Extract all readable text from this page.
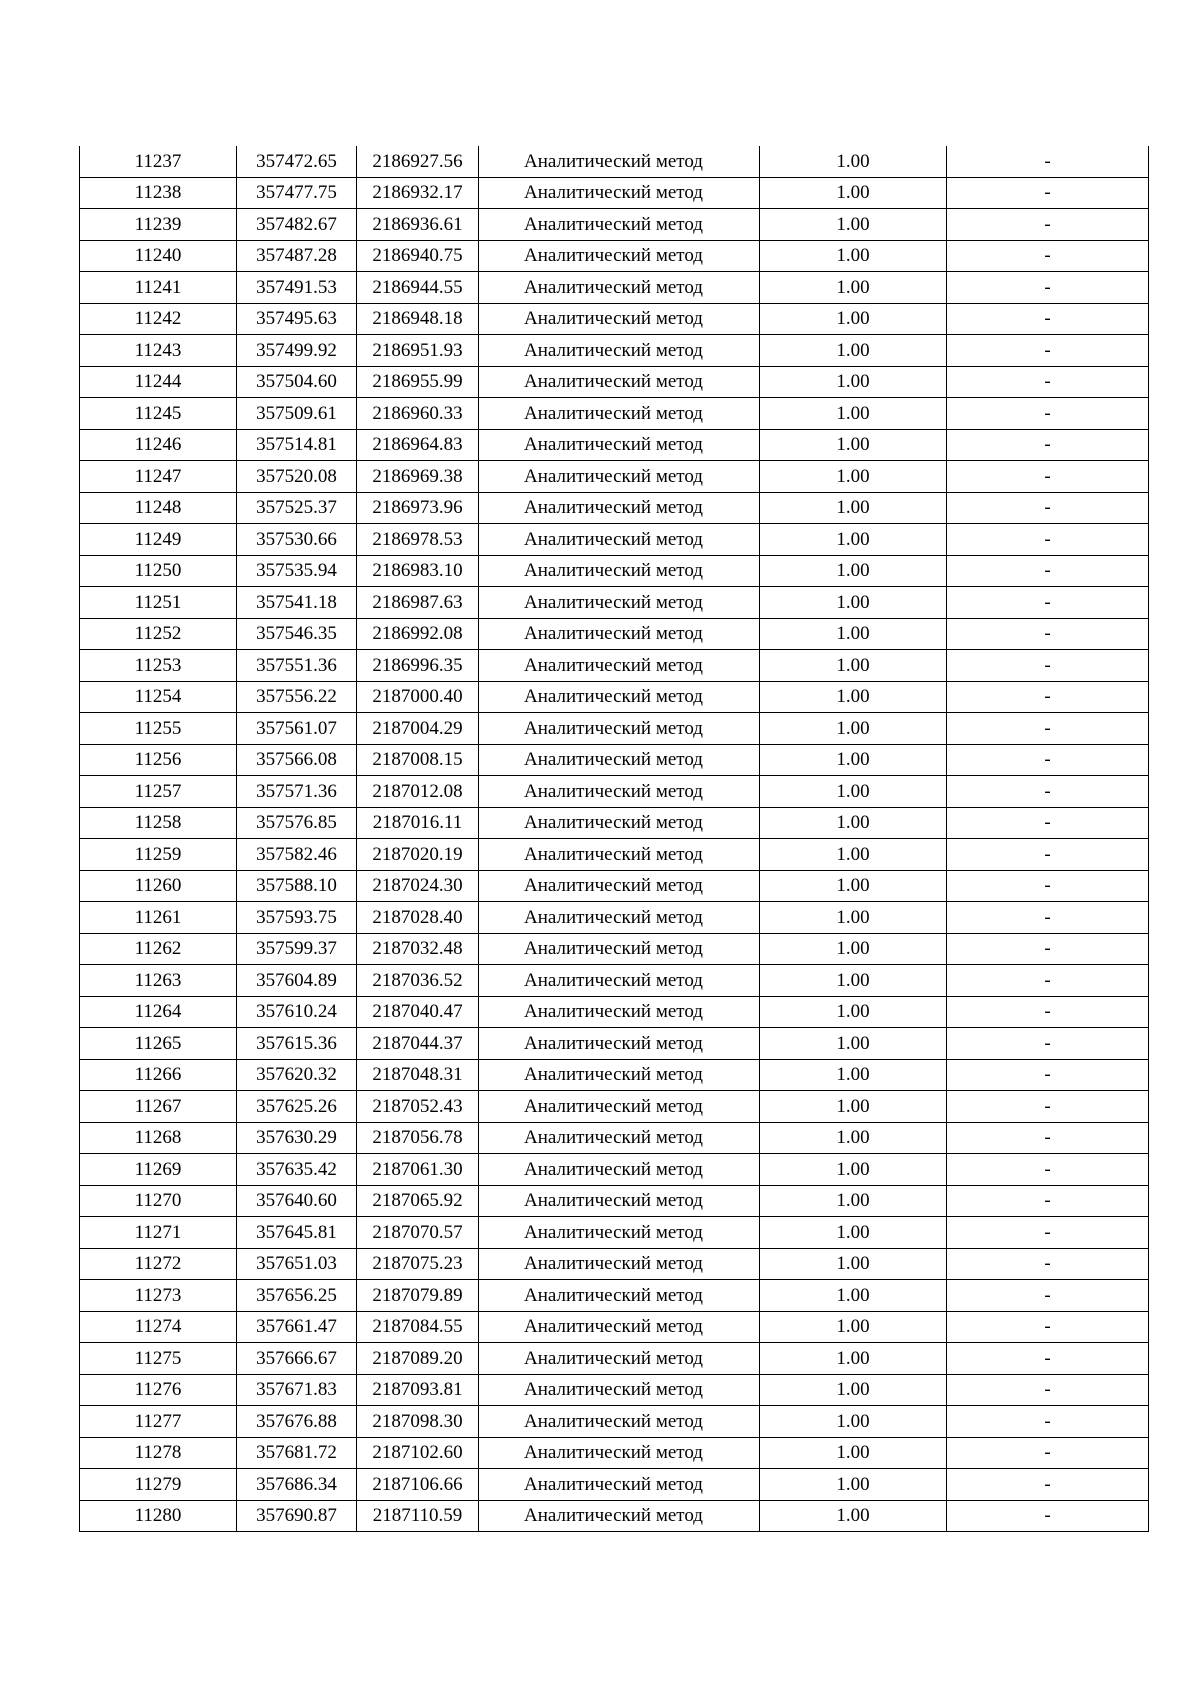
11237	357472.65	2186927.56	Аналитический метод	1.00	-
11238	357477.75	2186932.17	Аналитический метод	1.00	-
11239	357482.67	2186936.61	Аналитический метод	1.00	-
11240	357487.28	2186940.75	Аналитический метод	1.00	-
11241	357491.53	2186944.55	Аналитический метод	1.00	-
11242	357495.63	2186948.18	Аналитический метод	1.00	-
11243	357499.92	2186951.93	Аналитический метод	1.00	-
11244	357504.60	2186955.99	Аналитический метод	1.00	-
11245	357509.61	2186960.33	Аналитический метод	1.00	-
11246	357514.81	2186964.83	Аналитический метод	1.00	-
11247	357520.08	2186969.38	Аналитический метод	1.00	-
11248	357525.37	2186973.96	Аналитический метод	1.00	-
11249	357530.66	2186978.53	Аналитический метод	1.00	-
11250	357535.94	2186983.10	Аналитический метод	1.00	-
11251	357541.18	2186987.63	Аналитический метод	1.00	-
11252	357546.35	2186992.08	Аналитический метод	1.00	-
11253	357551.36	2186996.35	Аналитический метод	1.00	-
11254	357556.22	2187000.40	Аналитический метод	1.00	-
11255	357561.07	2187004.29	Аналитический метод	1.00	-
11256	357566.08	2187008.15	Аналитический метод	1.00	-
11257	357571.36	2187012.08	Аналитический метод	1.00	-
11258	357576.85	2187016.11	Аналитический метод	1.00	-
11259	357582.46	2187020.19	Аналитический метод	1.00	-
11260	357588.10	2187024.30	Аналитический метод	1.00	-
11261	357593.75	2187028.40	Аналитический метод	1.00	-
11262	357599.37	2187032.48	Аналитический метод	1.00	-
11263	357604.89	2187036.52	Аналитический метод	1.00	-
11264	357610.24	2187040.47	Аналитический метод	1.00	-
11265	357615.36	2187044.37	Аналитический метод	1.00	-
11266	357620.32	2187048.31	Аналитический метод	1.00	-
11267	357625.26	2187052.43	Аналитический метод	1.00	-
11268	357630.29	2187056.78	Аналитический метод	1.00	-
11269	357635.42	2187061.30	Аналитический метод	1.00	-
11270	357640.60	2187065.92	Аналитический метод	1.00	-
11271	357645.81	2187070.57	Аналитический метод	1.00	-
11272	357651.03	2187075.23	Аналитический метод	1.00	-
11273	357656.25	2187079.89	Аналитический метод	1.00	-
11274	357661.47	2187084.55	Аналитический метод	1.00	-
11275	357666.67	2187089.20	Аналитический метод	1.00	-
11276	357671.83	2187093.81	Аналитический метод	1.00	-
11277	357676.88	2187098.30	Аналитический метод	1.00	-
11278	357681.72	2187102.60	Аналитический метод	1.00	-
11279	357686.34	2187106.66	Аналитический метод	1.00	-
11280	357690.87	2187110.59	Аналитический метод	1.00	-
